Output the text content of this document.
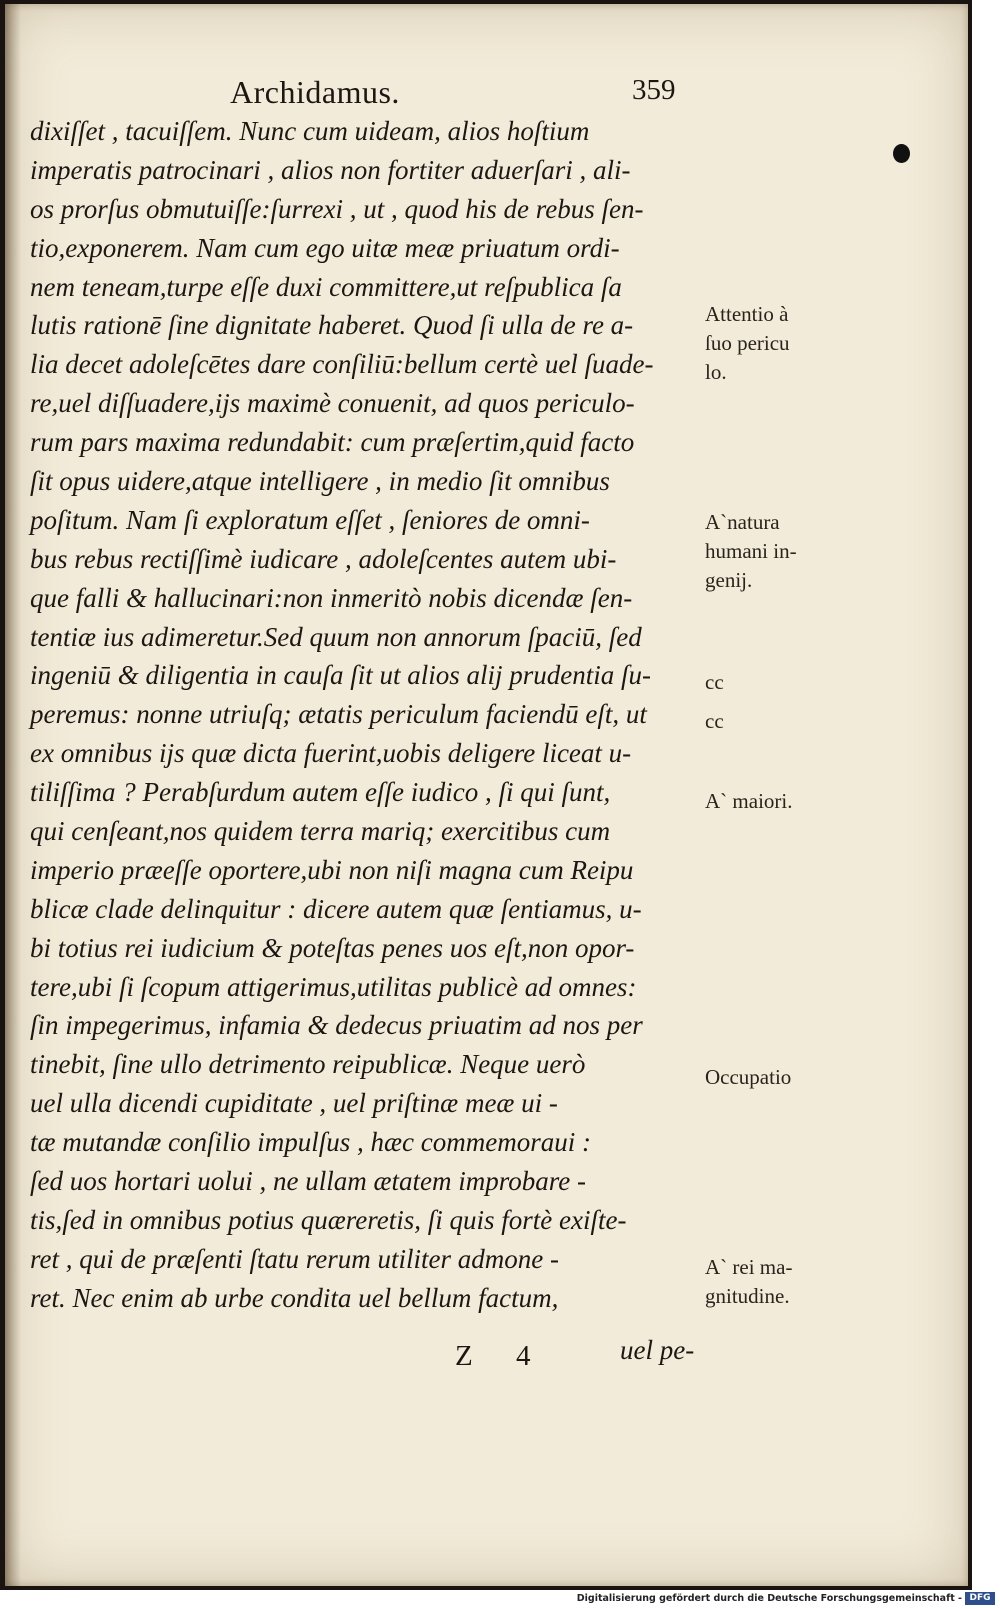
Archidamus.	359
dixiſſet , tacuiſſem. Nunc cum uideam, alios hoſtium
imperatis patrocinari , alios non fortiter aduerſari , ali-
os prorſus obmutuiſſe:ſurrexi , ut , quod his de rebus ſen-
tio,exponerem. Nam cum ego uitæ meæ priuatum ordi-
nem teneam,turpe eſſe duxi committere,ut reſpublica ſa
lutis rationē ſine dignitate haberet. Quod ſi ulla de re a-
lia decet adoleſcētes dare conſiliū:bellum certè uel ſuade-
re,uel diſſuadere,iјs maximè conuenit, ad quos periculo-
rum pars maxima redundabit: cum præſertim,quid facto
ſit opus uidere,atque intelligere , in medio ſit omnibus
poſitum. Nam ſi exploratum eſſet , ſeniores de omni-
bus rebus rectiſſimè iudicare , adoleſcentes autem ubi-
que falli & hallucinari:non inmeritò nobis dicendæ ſen-
tentiæ ius adimeretur.Sed quum non annorum ſpaciū, ſed
ingeniū & diligentia in cauſa ſit ut alios aliј prudentia ſu-
peremus: nonne utriuſq; ætatis periculum faciendū eſt, ut
ex omnibus iјs quæ dicta fuerint,uobis deligere liceat u-
tiliſſima ? Perabſurdum autem eſſe iudico , ſi qui ſunt,
qui cenſeant,nos quidem terra mariq; exercitibus cum
imperio præeſſe oportere,ubi non niſi magna cum Reipu
blicæ clade delinquitur : dicere autem quæ ſentiamus, u-
bi totius rei iudicium & poteſtas penes uos eſt,non opor-
tere,ubi ſi ſcopum attigerimus,utilitas publicè ad omnes:
ſin impegerimus, infamia & dedecus priuatim ad nos per
tinebit, ſine ullo detrimento reipublicæ. Neque uerò
uel ulla dicendi cupiditate , uel priſtinæ meæ ui -
tæ mutandæ conſilio impulſus , hæc commemoraui :
ſed uos hortari uolui , ne ullam ætatem improbare -
tis,ſed in omnibus potius quæreretis, ſi quis fortè exiſte-
ret , qui de præſenti ſtatu rerum utiliter admone -
ret. Nec enim ab urbe condita uel bellum factum,
Attentio à
ſuo pericu
lo.
A`natura
humani in-
genij.
cc
cc
A` maiori.
Occupatio
A` rei ma-
gnitudine.
Z 4	uel pe-
Digitalisierung gefördert durch die Deutsche Forschungsgemeinschaft - DFG
